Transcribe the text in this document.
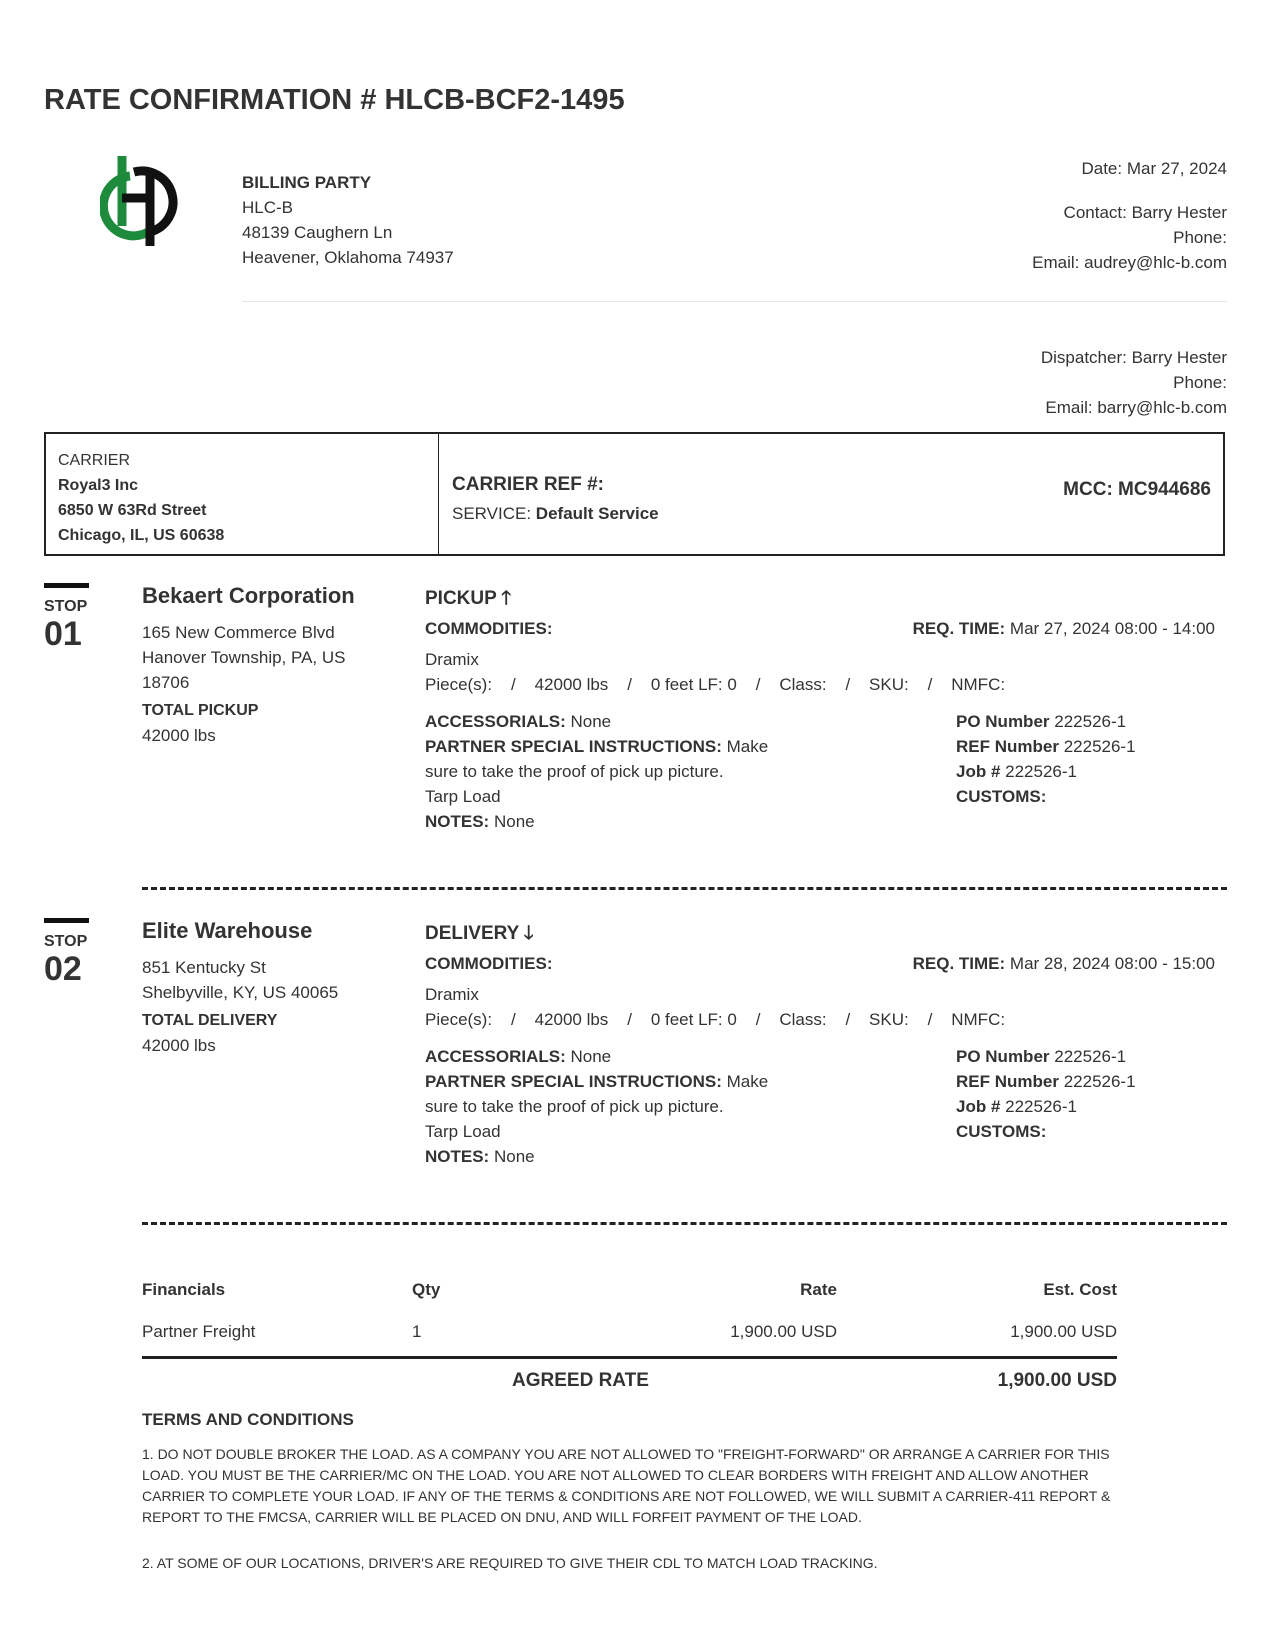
RATE CONFIRMATION # HLCB-BCF2-1495
BILLING PARTY
HLC-B
48139 Caughern Ln
Heavener, Oklahoma 74937
Date: Mar 27, 2024
Contact: Barry Hester
Phone:
Email: audrey@hlc-b.com
Dispatcher: Barry Hester
Phone:
Email: barry@hlc-b.com
CARRIER
Royal3 Inc
6850 W 63Rd Street
Chicago, IL, US 60638
CARRIER REF #:
SERVICE: Default Service
MCC: MC944686
STOP
01
Bekaert Corporation
165 New Commerce Blvd
Hanover Township, PA, US
18706
TOTAL PICKUP
42000 lbs
PICKUP 🡑
COMMODITIES:	REQ. TIME: Mar 27, 2024 08:00 - 14:00
Dramix
Piece(s):    /    42000 lbs    /    0 feet LF: 0    /    Class:    /    SKU:    /    NMFC:
ACCESSORIALS: None
PARTNER SPECIAL INSTRUCTIONS: Make
sure to take the proof of pick up picture.
Tarp Load
NOTES: None
PO Number 222526-1
REF Number 222526-1
Job # 222526-1
CUSTOMS:
STOP
02
Elite Warehouse
851 Kentucky St
Shelbyville, KY, US 40065
TOTAL DELIVERY
42000 lbs
DELIVERY 🡓
COMMODITIES:	REQ. TIME: Mar 28, 2024 08:00 - 15:00
Dramix
Piece(s):    /    42000 lbs    /    0 feet LF: 0    /    Class:    /    SKU:    /    NMFC:
ACCESSORIALS: None
PARTNER SPECIAL INSTRUCTIONS: Make
sure to take the proof of pick up picture.
Tarp Load
NOTES: None
PO Number 222526-1
REF Number 222526-1
Job # 222526-1
CUSTOMS:
Financials	Qty	Rate	Est. Cost
Partner Freight	1	1,900.00 USD	1,900.00 USD
AGREED RATE	1,900.00 USD
TERMS AND CONDITIONS
1. DO NOT DOUBLE BROKER THE LOAD. AS A COMPANY YOU ARE NOT ALLOWED TO "FREIGHT-FORWARD" OR ARRANGE A CARRIER FOR THIS LOAD. YOU MUST BE THE CARRIER/MC ON THE LOAD. YOU ARE NOT ALLOWED TO CLEAR BORDERS WITH FREIGHT AND ALLOW ANOTHER CARRIER TO COMPLETE YOUR LOAD. IF ANY OF THE TERMS & CONDITIONS ARE NOT FOLLOWED, WE WILL SUBMIT A CARRIER-411 REPORT & REPORT TO THE FMCSA, CARRIER WILL BE PLACED ON DNU, AND WILL FORFEIT PAYMENT OF THE LOAD.
2. AT SOME OF OUR LOCATIONS, DRIVER'S ARE REQUIRED TO GIVE THEIR CDL TO MATCH LOAD TRACKING.
